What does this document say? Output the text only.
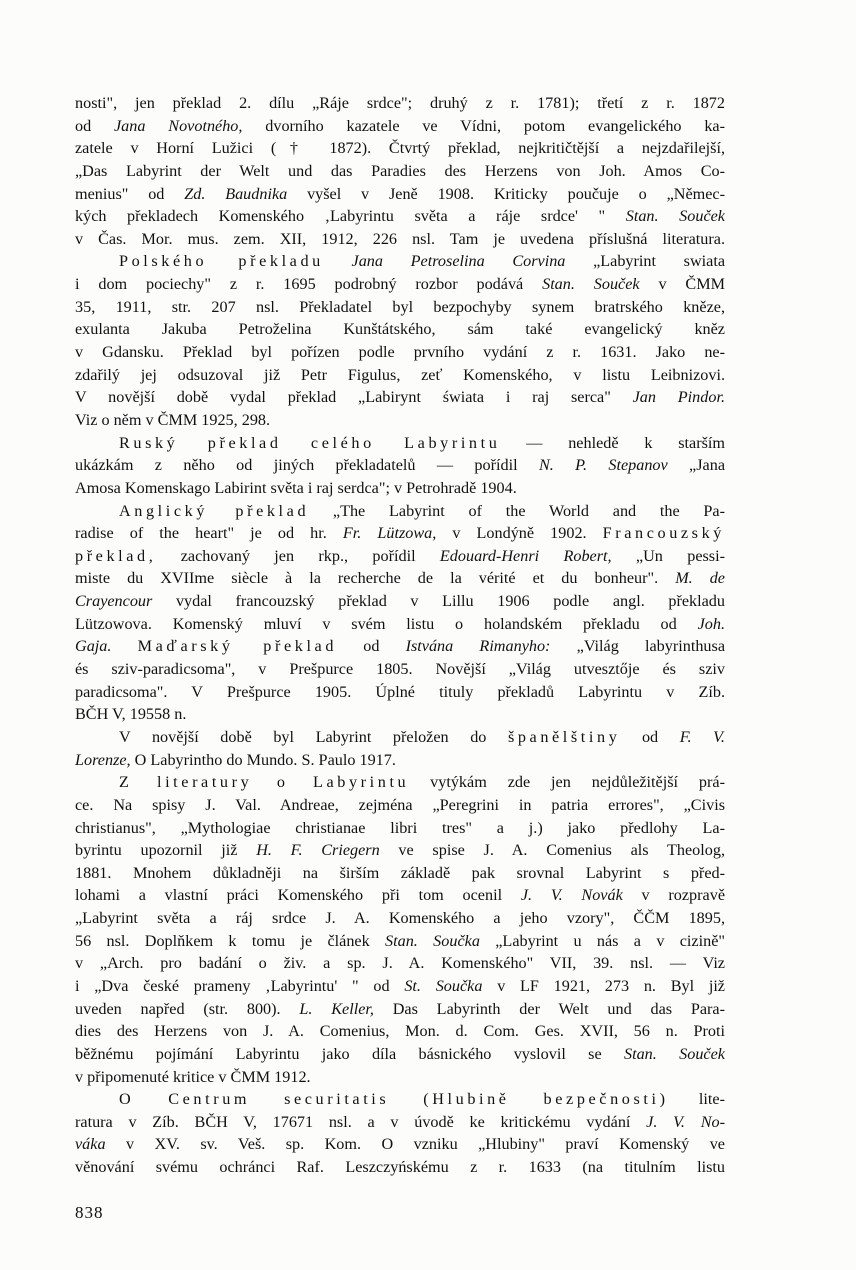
nosti", jen překlad 2. dílu „Ráje srdce"; druhý z r. 1781); třetí z r. 1872
od Jana Novotného, dvorního kazatele ve Vídni, potom evangelického ka-
zatele v Horní Lužici († 1872). Čtvrtý překlad, nejkritičtější a nejzdařilejší,
„Das Labyrint der Welt und das Paradies des Herzens von Joh. Amos Co-
menius" od Zd. Baudnika vyšel v Jeně 1908. Kriticky poučuje o „Němec-
kých překladech Komenského ‚Labyrintu světa a ráje srdce' " Stan. Souček
v Čas. Mor. mus. zem. XII, 1912, 226 nsl. Tam je uvedena příslušná literatura.
Polského překladu Jana Petroselina Corvina „Labyrint swiata
i dom pociechy" z r. 1695 podrobný rozbor podává Stan. Souček v ČMM
35, 1911, str. 207 nsl. Překladatel byl bezpochyby synem bratrského kněze,
exulanta Jakuba Petroželina Kunštátského, sám také evangelický kněz
v Gdansku. Překlad byl pořízen podle prvního vydání z r. 1631. Jako ne-
zdařilý jej odsuzoval již Petr Figulus, zeť Komenského, v listu Leibnizovi.
V novější době vydal překlad „Labirynt świata i raj serca" Jan Pindor.
Viz o něm v ČMM 1925, 298.
Ruský překlad celého Labyrintu — nehledě k starším
ukázkám z něho od jiných překladatelů — pořídil N. P. Stepanov „Jana
Amosa Komenskago Labirint světa i raj serdca"; v Petrohradě 1904.
Anglický překlad „The Labyrint of the World and the Pa-
radise of the heart" je od hr. Fr. Lützowa, v Londýně 1902. Francouzský
překlad, zachovaný jen rkp., pořídil Edouard-Henri Robert, „Un pessi-
miste du XVIIme siècle à la recherche de la vérité et du bonheur". M. de
Crayencour vydal francouzský překlad v Lillu 1906 podle angl. překladu
Lützowova. Komenský mluví v svém listu o holandském překladu od Joh.
Gaja. Maďarský překlad od Istvána Rimanyho: „Világ labyrinthusa
és sziv-paradicsoma", v Prešpurce 1805. Novější „Világ utvesztője és sziv
paradicsoma". V Prešpurce 1905. Úplné tituly překladů Labyrintu v Zíb.
BČH V, 19558 n.
V novější době byl Labyrint přeložen do španělštiny od F. V.
Lorenze, O Labyrintho do Mundo. S. Paulo 1917.
Z literatury o Labyrintu vytýkám zde jen nejdůležitější prá-
ce. Na spisy J. Val. Andreae, zejména „Peregrini in patria errores", „Civis
christianus", „Mythologiae christianae libri tres" a j.) jako předlohy La-
byrintu upozornil již H. F. Criegern ve spise J. A. Comenius als Theolog,
1881. Mnohem důkladněji na širším základě pak srovnal Labyrint s před-
lohami a vlastní práci Komenského při tom ocenil J. V. Novák v rozpravě
„Labyrint světa a ráj srdce J. A. Komenského a jeho vzory", ČČM 1895,
56 nsl. Doplňkem k tomu je článek Stan. Součka „Labyrint u nás a v cizině"
v „Arch. pro badání o živ. a sp. J. A. Komenského" VII, 39. nsl. — Viz
i „Dva české prameny ‚Labyrintu' " od St. Součka v LF 1921, 273 n. Byl již
uveden napřed (str. 800). L. Keller, Das Labyrinth der Welt und das Para-
dies des Herzens von J. A. Comenius, Mon. d. Com. Ges. XVII, 56 n. Proti
běžnému pojímání Labyrintu jako díla básnického vyslovil se Stan. Souček
v připomenuté kritice v ČMM 1912.
O Centrum securitatis (Hlubině bezpečnosti) lite-
ratura v Zíb. BČH V, 17671 nsl. a v úvodě ke kritickému vydání J. V. No-
váka v XV. sv. Veš. sp. Kom. O vzniku „Hlubiny" praví Komenský ve
věnování svému ochránci Raf. Leszczyńskému z r. 1633 (na titulním listu
838
